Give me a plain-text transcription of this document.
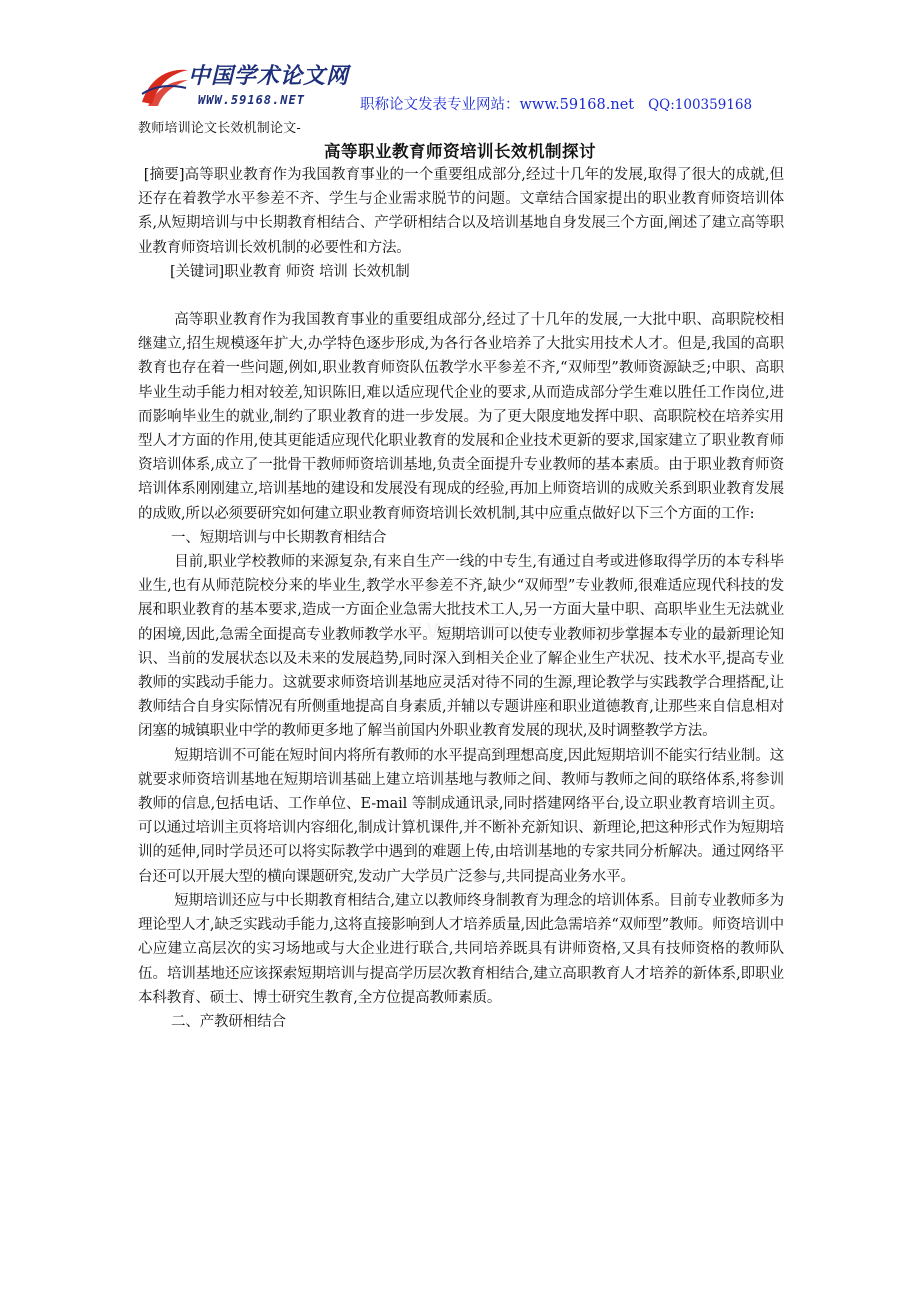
中国学术论文网
WWW.59168.NET	职称论文发表专业网站：www.59168.net QQ:100359168
教师培训论文长效机制论文-
高等职业教育师资培训长效机制探讨

[摘要]高等职业教育作为我国教育事业的一个重要组成部分,经过十几年的发展,取得了很大的成就,但还存在着教学水平参差不齐、学生与企业需求脱节的问题。文章结合国家提出的职业教育师资培训体系,从短期培训与中长期教育相结合、产学研相结合以及培训基地自身发展三个方面,阐述了建立高等职业教育师资培训长效机制的必要性和方法。

[关键词]职业教育 师资 培训 长效机制

高等职业教育作为我国教育事业的重要组成部分,经过了十几年的发展,一大批中职、高职院校相继建立,招生规模逐年扩大,办学特色逐步形成,为各行各业培养了大批实用技术人才。但是,我国的高职教育也存在着一些问题,例如,职业教育师资队伍教学水平参差不齐,“双师型”教师资源缺乏;中职、高职毕业生动手能力相对较差,知识陈旧,难以适应现代企业的要求,从而造成部分学生难以胜任工作岗位,进而影响毕业生的就业,制约了职业教育的进一步发展。为了更大限度地发挥中职、高职院校在培养实用型人才方面的作用,使其更能适应现代化职业教育的发展和企业技术更新的要求,国家建立了职业教育师资培训体系,成立了一批骨干教师师资培训基地,负责全面提升专业教师的基本素质。由于职业教育师资培训体系刚刚建立,培训基地的建设和发展没有现成的经验,再加上师资培训的成败关系到职业教育发展的成败,所以必须要研究如何建立职业教育师资培训长效机制,其中应重点做好以下三个方面的工作:

一、短期培训与中长期教育相结合

目前,职业学校教师的来源复杂,有来自生产一线的中专生,有通过自考或进修取得学历的本专科毕业生,也有从师范院校分来的毕业生,教学水平参差不齐,缺少“双师型”专业教师,很难适应现代科技的发展和职业教育的基本要求,造成一方面企业急需大批技术工人,另一方面大量中职、高职毕业生无法就业的困境,因此,急需全面提高专业教师教学水平。短期培训可以使专业教师初步掌握本专业的最新理论知识、当前的发展状态以及未来的发展趋势,同时深入到相关企业了解企业生产状况、技术水平,提高专业教师的实践动手能力。这就要求师资培训基地应灵活对待不同的生源,理论教学与实践教学合理搭配,让教师结合自身实际情况有所侧重地提高自身素质,并辅以专题讲座和职业道德教育,让那些来自信息相对闭塞的城镇职业中学的教师更多地了解当前国内外职业教育发展的现状,及时调整教学方法。

短期培训不可能在短时间内将所有教师的水平提高到理想高度,因此短期培训不能实行结业制。这就要求师资培训基地在短期培训基础上建立培训基地与教师之间、教师与教师之间的联络体系,将参训教师的信息,包括电话、工作单位、E-mail 等制成通讯录,同时搭建网络平台,设立职业教育培训主页。可以通过培训主页将培训内容细化,制成计算机课件,并不断补充新知识、新理论,把这种形式作为短期培训的延伸,同时学员还可以将实际教学中遇到的难题上传,由培训基地的专家共同分析解决。通过网络平台还可以开展大型的横向课题研究,发动广大学员广泛参与,共同提高业务水平。

短期培训还应与中长期教育相结合,建立以教师终身制教育为理念的培训体系。目前专业教师多为理论型人才,缺乏实践动手能力,这将直接影响到人才培养质量,因此急需培养“双师型”教师。师资培训中心应建立高层次的实习场地或与大企业进行联合,共同培养既具有讲师资格,又具有技师资格的教师队伍。培训基地还应该探索短期培训与提高学历层次教育相结合,建立高职教育人才培养的新体系,即职业本科教育、硕士、博士研究生教育,全方位提高教师素质。

二、产教研相结合
